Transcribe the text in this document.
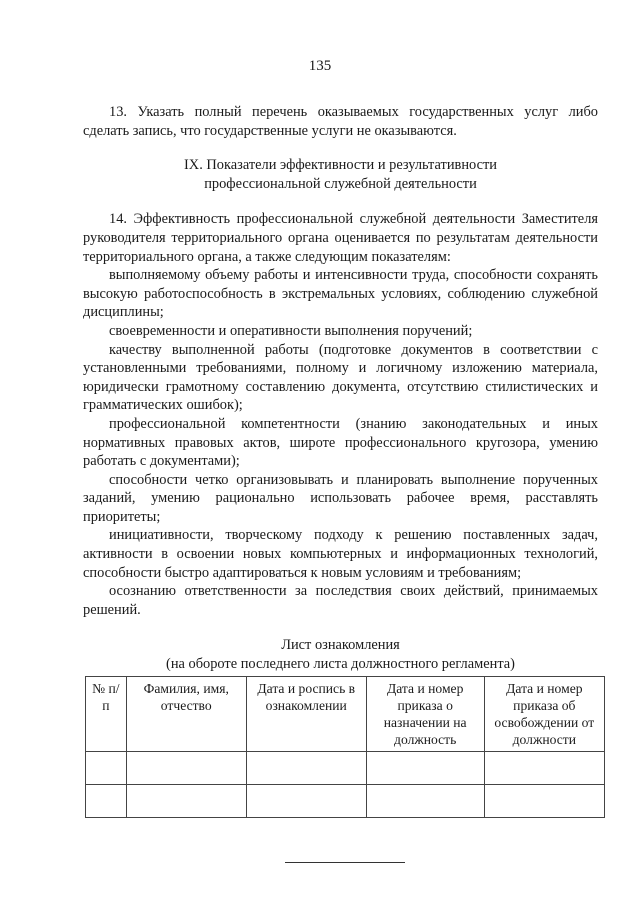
135

13. Указать полный перечень оказываемых государственных услуг либо сделать запись, что государственные услуги не оказываются.

IX. Показатели эффективности и результативности
профессиональной служебной деятельности

14. Эффективность профессиональной служебной деятельности Заместителя руководителя территориального органа оценивается по результатам деятельности территориального органа, а также следующим показателям:

выполняемому объему работы и интенсивности труда, способности сохранять высокую работоспособность в экстремальных условиях, соблюдению служебной дисциплины;

своевременности и оперативности выполнения поручений;

качеству выполненной работы (подготовке документов в соответствии с установленными требованиями, полному и логичному изложению материала, юридически грамотному составлению документа, отсутствию стилистических и грамматических ошибок);

профессиональной компетентности (знанию законодательных и иных нормативных правовых актов, широте профессионального кругозора, умению работать с документами);

способности четко организовывать и планировать выполнение порученных заданий, умению рационально использовать рабочее время, расставлять приоритеты;

инициативности, творческому подходу к решению поставленных задач, активности в освоении новых компьютерных и информационных технологий, способности быстро адаптироваться к новым условиям и требованиям;

осознанию ответственности за последствия своих действий, принимаемых решений.

Лист ознакомления
(на обороте последнего листа должностного регламента)
№ п/п	Фамилия, имя, отчество	Дата и роспись в ознакомлении	Дата и номер приказа о назначении на должность	Дата и номер приказа об освобождении от должности
